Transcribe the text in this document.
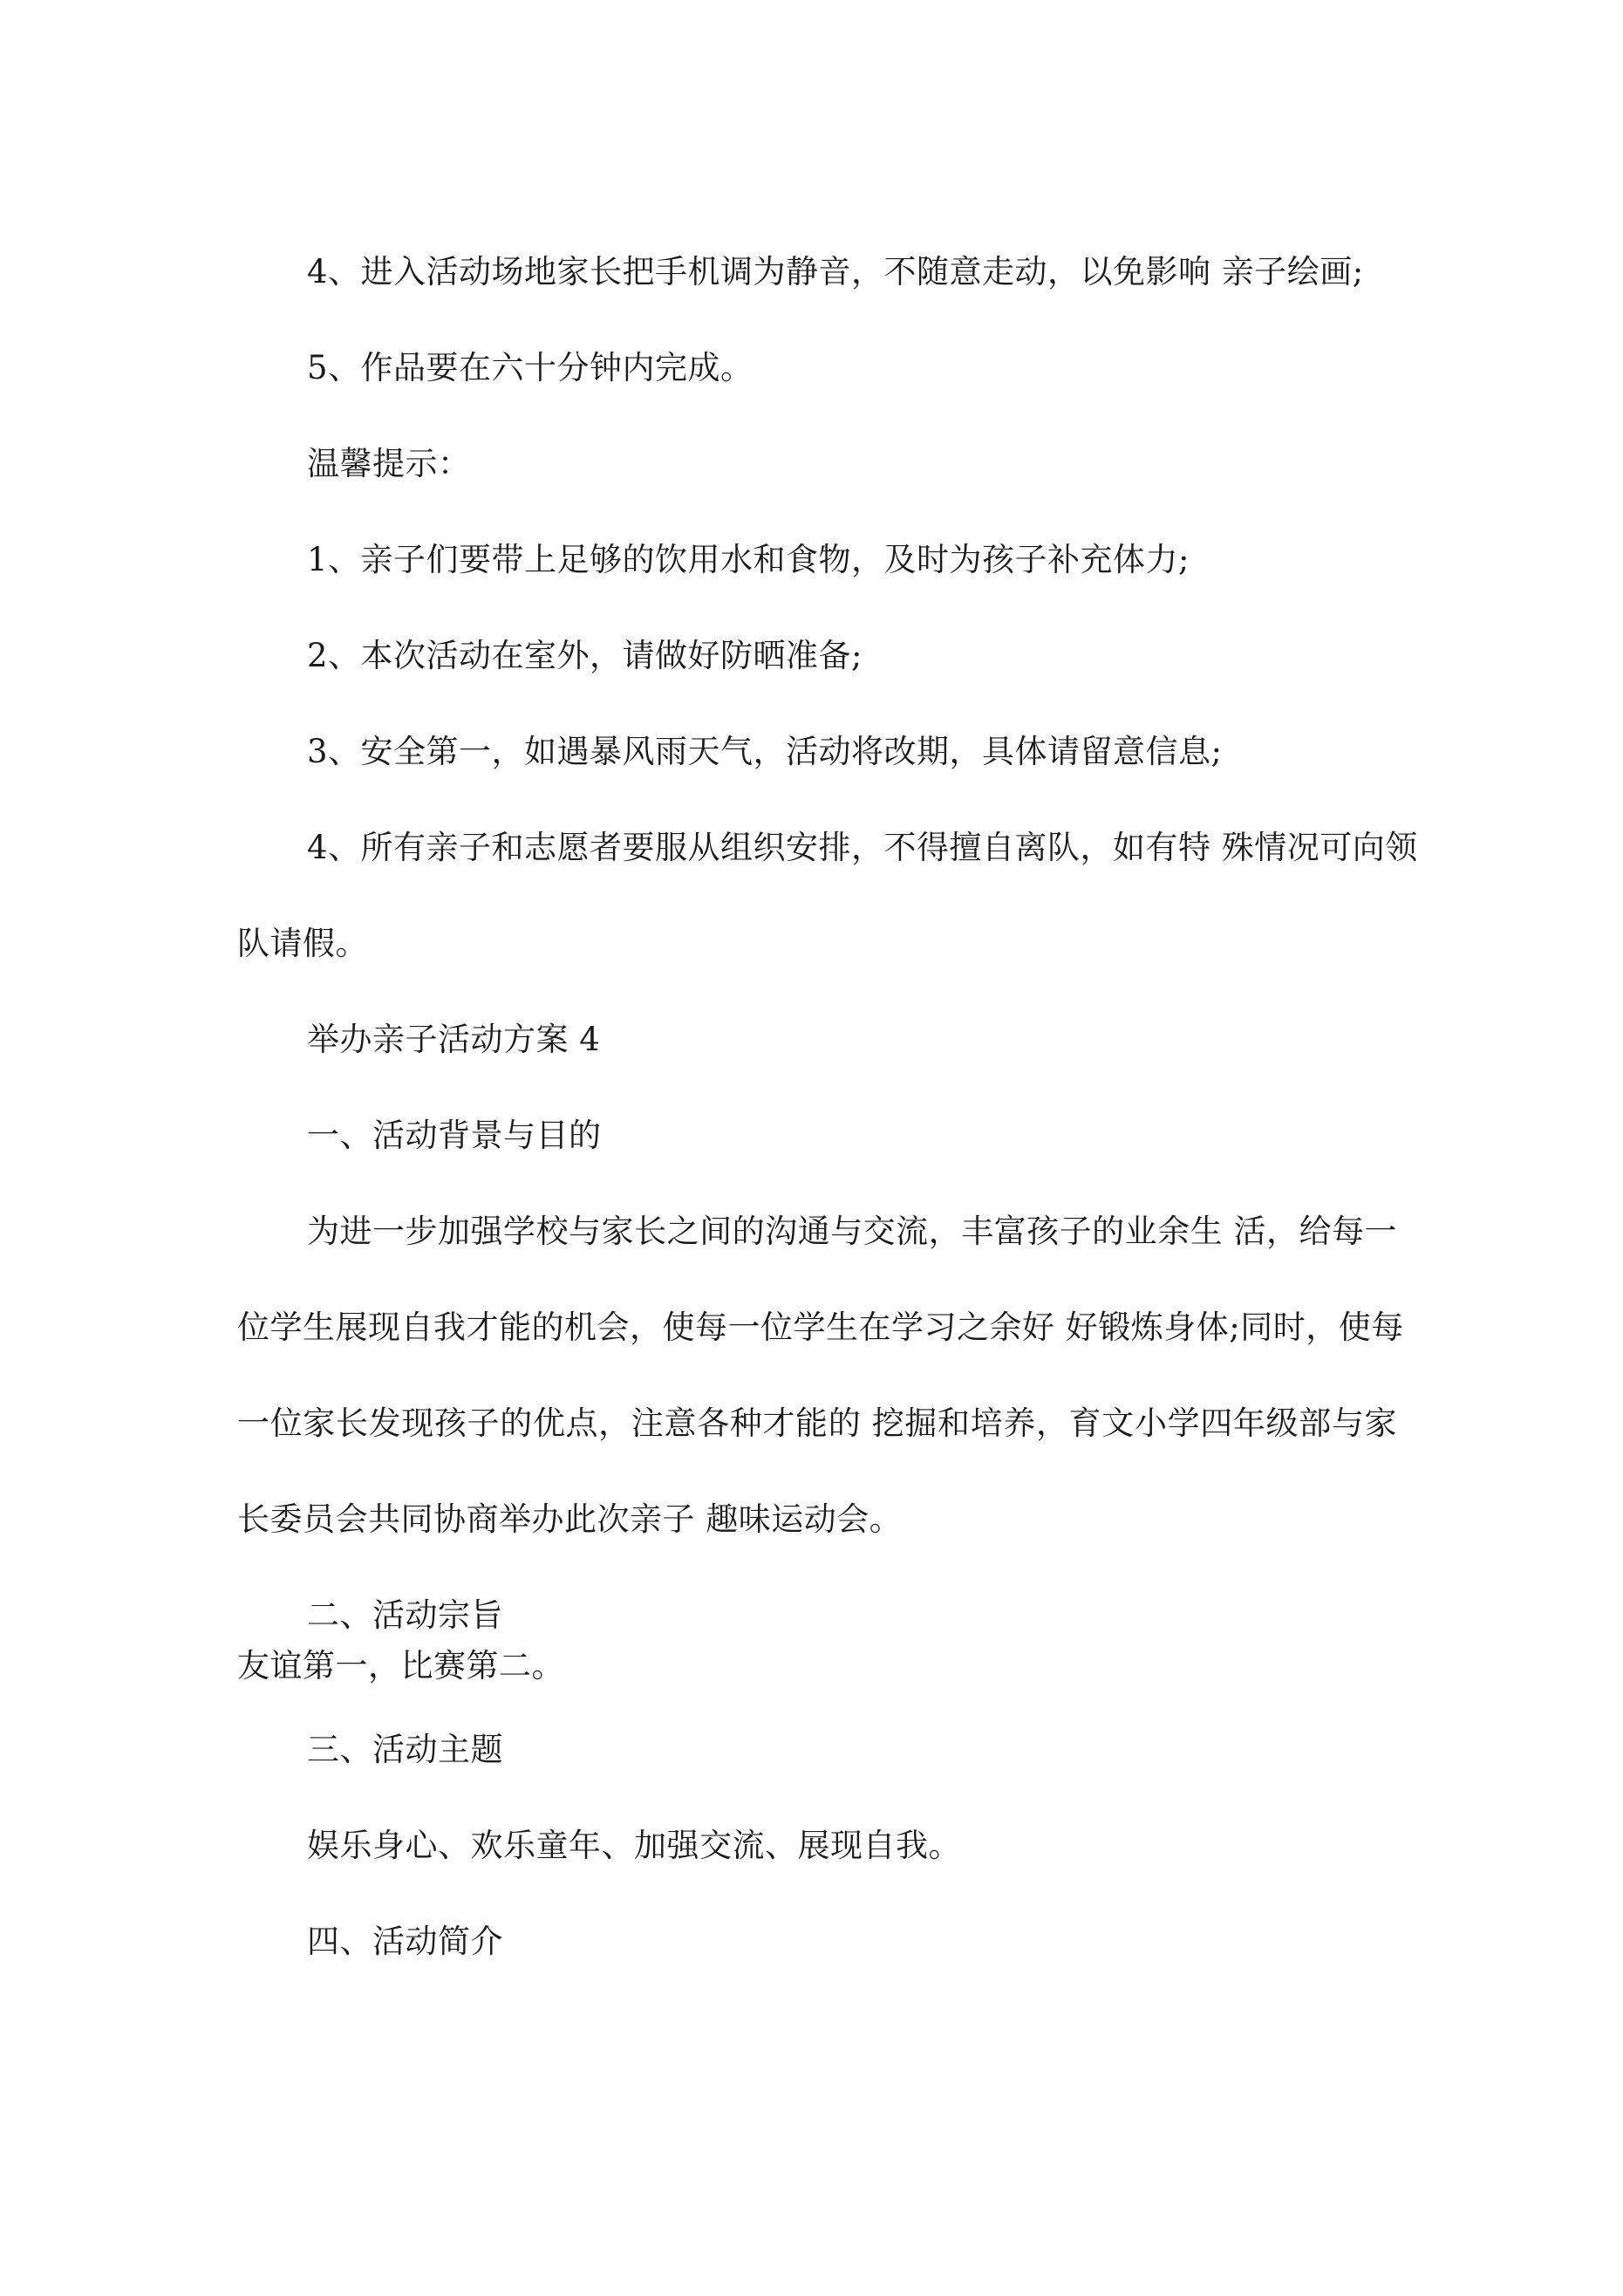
4、进入活动场地家长把手机调为静音，不随意走动，以免影响 亲子绘画;
5、作品要在六十分钟内完成。
温馨提示：
1、亲子们要带上足够的饮用水和食物，及时为孩子补充体力;
2、本次活动在室外，请做好防晒准备;
3、安全第一，如遇暴风雨天气，活动将改期，具体请留意信息;
4、所有亲子和志愿者要服从组织安排，不得擅自离队，如有特 殊情况可向领
队请假。
举办亲子活动方案 4
一、活动背景与目的
为进一步加强学校与家长之间的沟通与交流，丰富孩子的业余生 活，给每一
位学生展现自我才能的机会，使每一位学生在学习之余好 好锻炼身体;同时，使每
一位家长发现孩子的优点，注意各种才能的 挖掘和培养，育文小学四年级部与家
长委员会共同协商举办此次亲子 趣味运动会。
二、活动宗旨
友谊第一，比赛第二。
三、活动主题
娱乐身心、欢乐童年、加强交流、展现自我。
四、活动简介
